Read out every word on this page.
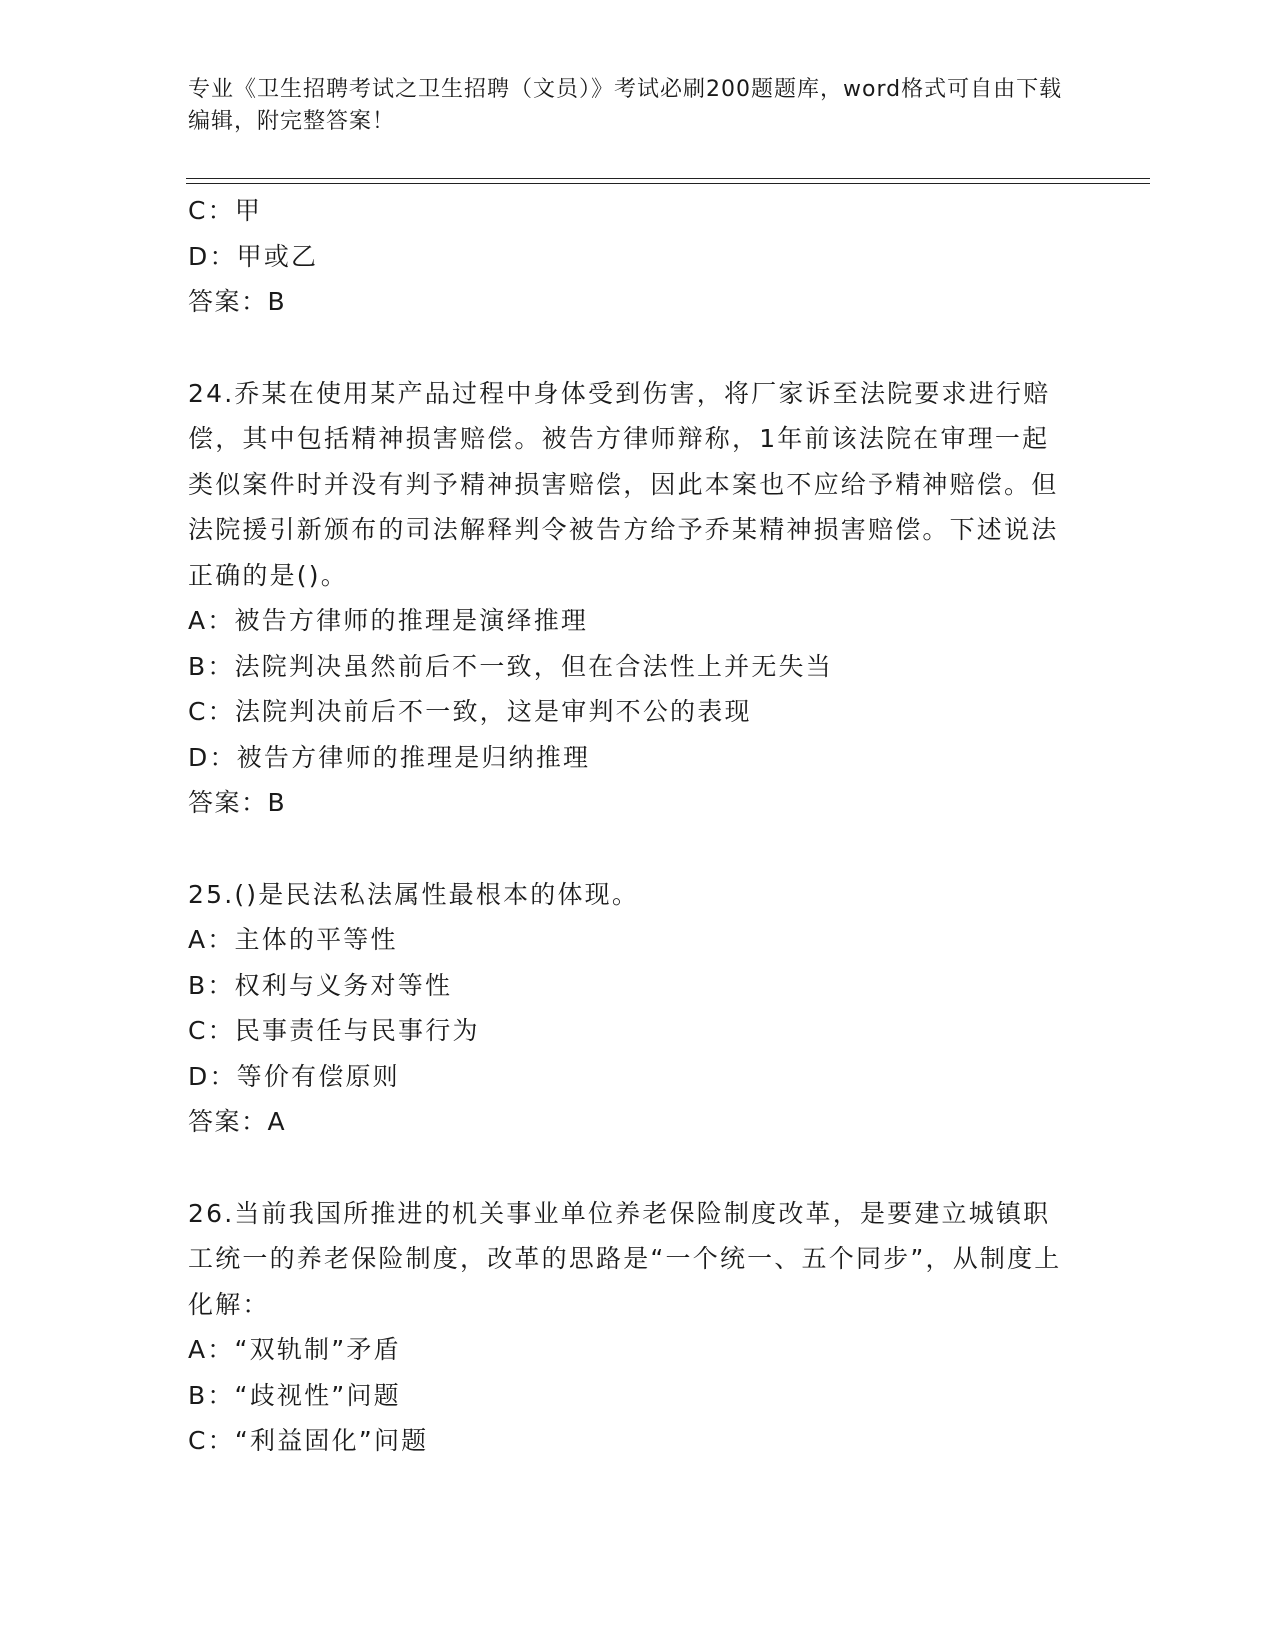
专业《卫生招聘考试之卫生招聘（文员）》考试必刷200题题库，word格式可自由下载编辑，附完整答案！
C：甲
D：甲或乙
答案：B
24.乔某在使用某产品过程中身体受到伤害，将厂家诉至法院要求进行赔偿，其中包括精神损害赔偿。被告方律师辩称，1年前该法院在审理一起类似案件时并没有判予精神损害赔偿，因此本案也不应给予精神赔偿。但法院援引新颁布的司法解释判令被告方给予乔某精神损害赔偿。下述说法正确的是()。
A：被告方律师的推理是演绎推理
B：法院判决虽然前后不一致，但在合法性上并无失当
C：法院判决前后不一致，这是审判不公的表现
D：被告方律师的推理是归纳推理
答案：B
25.()是民法私法属性最根本的体现。
A：主体的平等性
B：权利与义务对等性
C：民事责任与民事行为
D：等价有偿原则
答案：A
26.当前我国所推进的机关事业单位养老保险制度改革，是要建立城镇职工统一的养老保险制度，改革的思路是“一个统一、五个同步”，从制度上化解：
A：“双轨制”矛盾
B：“歧视性”问题
C：“利益固化”问题
